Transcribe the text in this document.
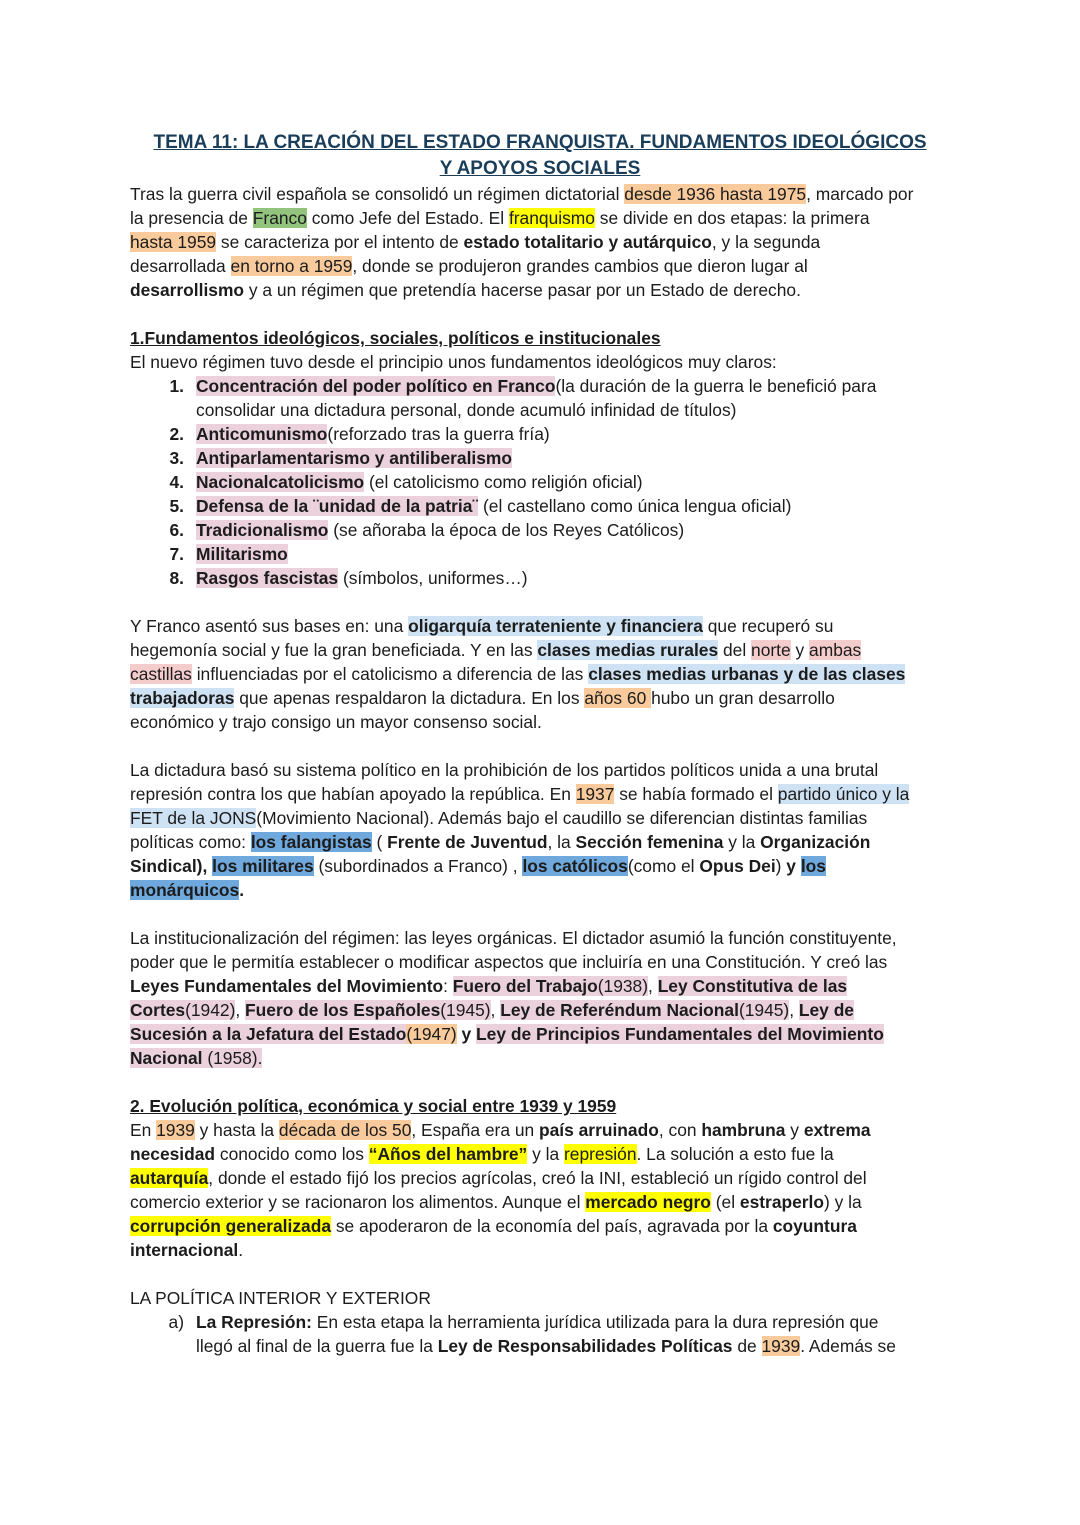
TEMA 11: LA CREACIÓN DEL ESTADO FRANQUISTA. FUNDAMENTOS IDEOLÓGICOS
Y APOYOS SOCIALES
Tras la guerra civil española se consolidó un régimen dictatorial desde 1936 hasta 1975, marcado por
la presencia de Franco como Jefe del Estado. El franquismo se divide en dos etapas: la primera
hasta 1959 se caracteriza por el intento de estado totalitario y autárquico, y la segunda
desarrollada en torno a 1959, donde se produjeron grandes cambios que dieron lugar al
desarrollismo y a un régimen que pretendía hacerse pasar por un Estado de derecho.
1.Fundamentos ideológicos, sociales, políticos e institucionales
El nuevo régimen tuvo desde el principio unos fundamentos ideológicos muy claros:
1. Concentración del poder político en Franco(la duración de la guerra le benefició para
consolidar una dictadura personal, donde acumuló infinidad de títulos)
2. Anticomunismo(reforzado tras la guerra fría)
3. Antiparlamentarismo y antiliberalismo
4. Nacionalcatolicismo (el catolicismo como religión oficial)
5. Defensa de la ¨unidad de la patria¨ (el castellano como única lengua oficial)
6. Tradicionalismo (se añoraba la época de los Reyes Católicos)
7. Militarismo
8. Rasgos fascistas (símbolos, uniformes…)
Y Franco asentó sus bases en: una oligarquía terrateniente y financiera que recuperó su
hegemonía social y fue la gran beneficiada. Y en las clases medias rurales del norte y ambas
castillas influenciadas por el catolicismo a diferencia de las clases medias urbanas y de las clases
trabajadoras que apenas respaldaron la dictadura. En los años 60 hubo un gran desarrollo
económico y trajo consigo un mayor consenso social.
La dictadura basó su sistema político en la prohibición de los partidos políticos unida a una brutal
represión contra los que habían apoyado la república. En 1937 se había formado el partido único y la
FET de la JONS(Movimiento Nacional). Además bajo el caudillo se diferencian distintas familias
políticas como: los falangistas ( Frente de Juventud, la Sección femenina y la Organización
Sindical), los militares (subordinados a Franco) , los católicos(como el Opus Dei) y los
monárquicos.
La institucionalización del régimen: las leyes orgánicas. El dictador asumió la función constituyente,
poder que le permitía establecer o modificar aspectos que incluiría en una Constitución. Y creó las
Leyes Fundamentales del Movimiento: Fuero del Trabajo(1938), Ley Constitutiva de las
Cortes(1942), Fuero de los Españoles(1945), Ley de Referéndum Nacional(1945), Ley de
Sucesión a la Jefatura del Estado(1947) y Ley de Principios Fundamentales del Movimiento
Nacional (1958).
2. Evolución política, económica y social entre 1939 y 1959
En 1939 y hasta la década de los 50, España era un país arruinado, con hambruna y extrema
necesidad conocido como los “Años del hambre” y la represión. La solución a esto fue la
autarquía, donde el estado fijó los precios agrícolas, creó la INI, estableció un rígido control del
comercio exterior y se racionaron los alimentos. Aunque el mercado negro (el estraperlo) y la
corrupción generalizada se apoderaron de la economía del país, agravada por la coyuntura
internacional.
LA POLÍTICA INTERIOR Y EXTERIOR
a) La Represión: En esta etapa la herramienta jurídica utilizada para la dura represión que
llegó al final de la guerra fue la Ley de Responsabilidades Políticas de 1939. Además se
